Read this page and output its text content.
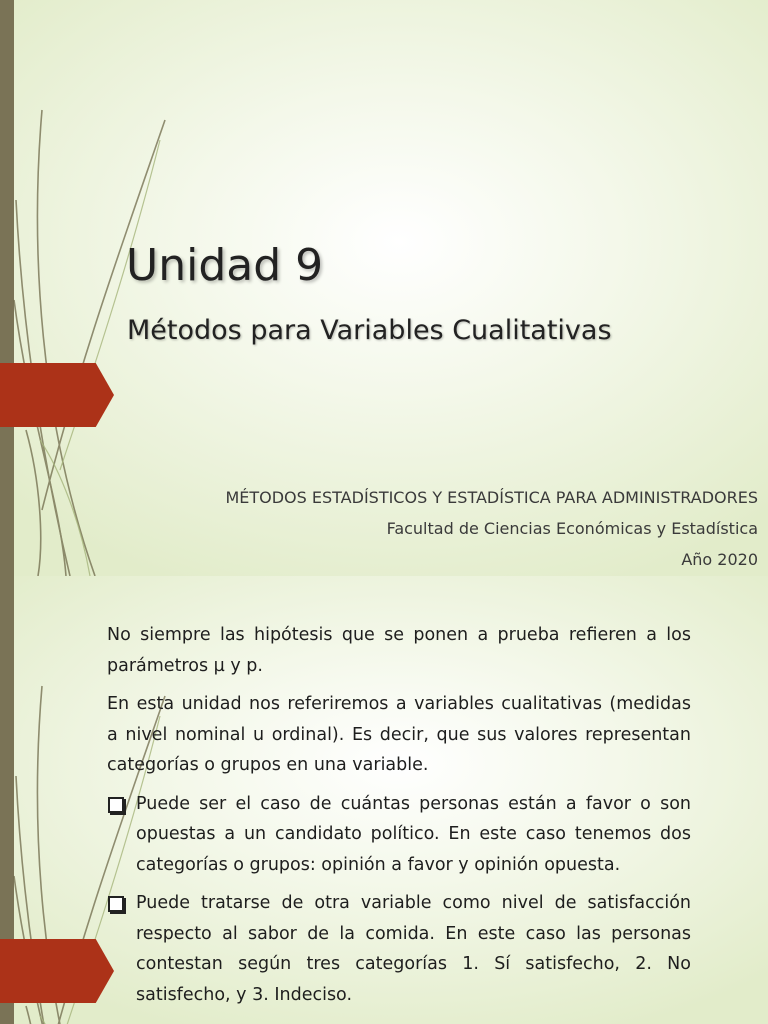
Unidad 9
Métodos para Variables Cualitativas
MÉTODOS ESTADÍSTICOS Y ESTADÍSTICA PARA ADMINISTRADORES
Facultad de Ciencias Económicas y Estadística
Año 2020

No siempre las hipótesis que se ponen a prueba refieren a los parámetros µ y p.

En esta unidad nos referiremos a variables cualitativas (medidas a nivel nominal u ordinal). Es decir, que sus valores representan categorías o grupos en una variable.

Puede ser el caso de cuántas personas están a favor o son opuestas a un candidato político. En este caso tenemos dos categorías o grupos: opinión a favor y opinión opuesta.
Puede tratarse de otra variable como nivel de satisfacción respecto al sabor de la comida. En este caso las personas contestan según tres categorías 1. Sí satisfecho, 2. No satisfecho, y 3. Indeciso.
